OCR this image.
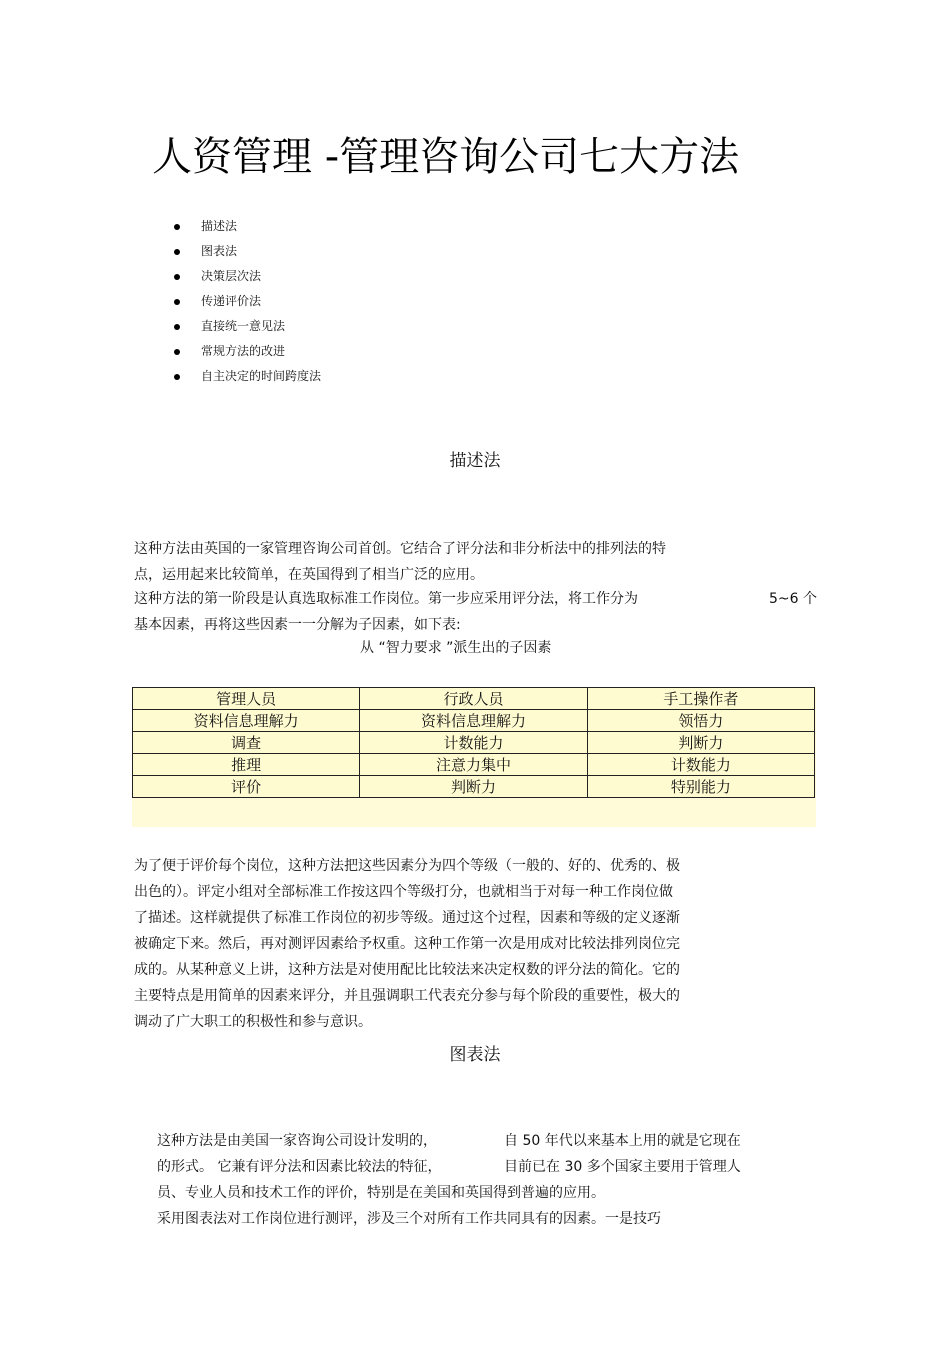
人资管理 -管理咨询公司七大方法
描述法
图表法
决策层次法
传递评价法
直接统一意见法
常规方法的改进
自主决定的时间跨度法
描述法
这种方法由英国的一家管理咨询公司首创。它结合了评分法和非分析法中的排列法的特
点，运用起来比较简单，在英国得到了相当广泛的应用。
这种方法的第一阶段是认真选取标准工作岗位。第一步应采用评分法，将工作分为	5~6 个
基本因素，再将这些因素一一分解为子因素，如下表:
从 “智力要求 ”派生出的子因素
管理人员	行政人员	手工操作者
资料信息理解力	资料信息理解力	领悟力
调查	计数能力	判断力
推理	注意力集中	计数能力
评价	判断力	特别能力
为了便于评价每个岗位，这种方法把这些因素分为四个等级（一般的、好的、优秀的、极
出色的）。评定小组对全部标准工作按这四个等级打分，也就相当于对每一种工作岗位做
了描述。这样就提供了标准工作岗位的初步等级。通过这个过程，因素和等级的定义逐渐
被确定下来。然后，再对测评因素给予权重。这种工作第一次是用成对比较法排列岗位完
成的。从某种意义上讲，这种方法是对使用配比比较法来决定权数的评分法的简化。它的
主要特点是用简单的因素来评分，并且强调职工代表充分参与每个阶段的重要性，极大的
调动了广大职工的积极性和参与意识。
图表法
这种方法是由美国一家咨询公司设计发明的，	自 50 年代以来基本上用的就是它现在
的形式。 它兼有评分法和因素比较法的特征，	目前已在 30 多个国家主要用于管理人
员、专业人员和技术工作的评价，特别是在美国和英国得到普遍的应用。
采用图表法对工作岗位进行测评，涉及三个对所有工作共同具有的因素。一是技巧
